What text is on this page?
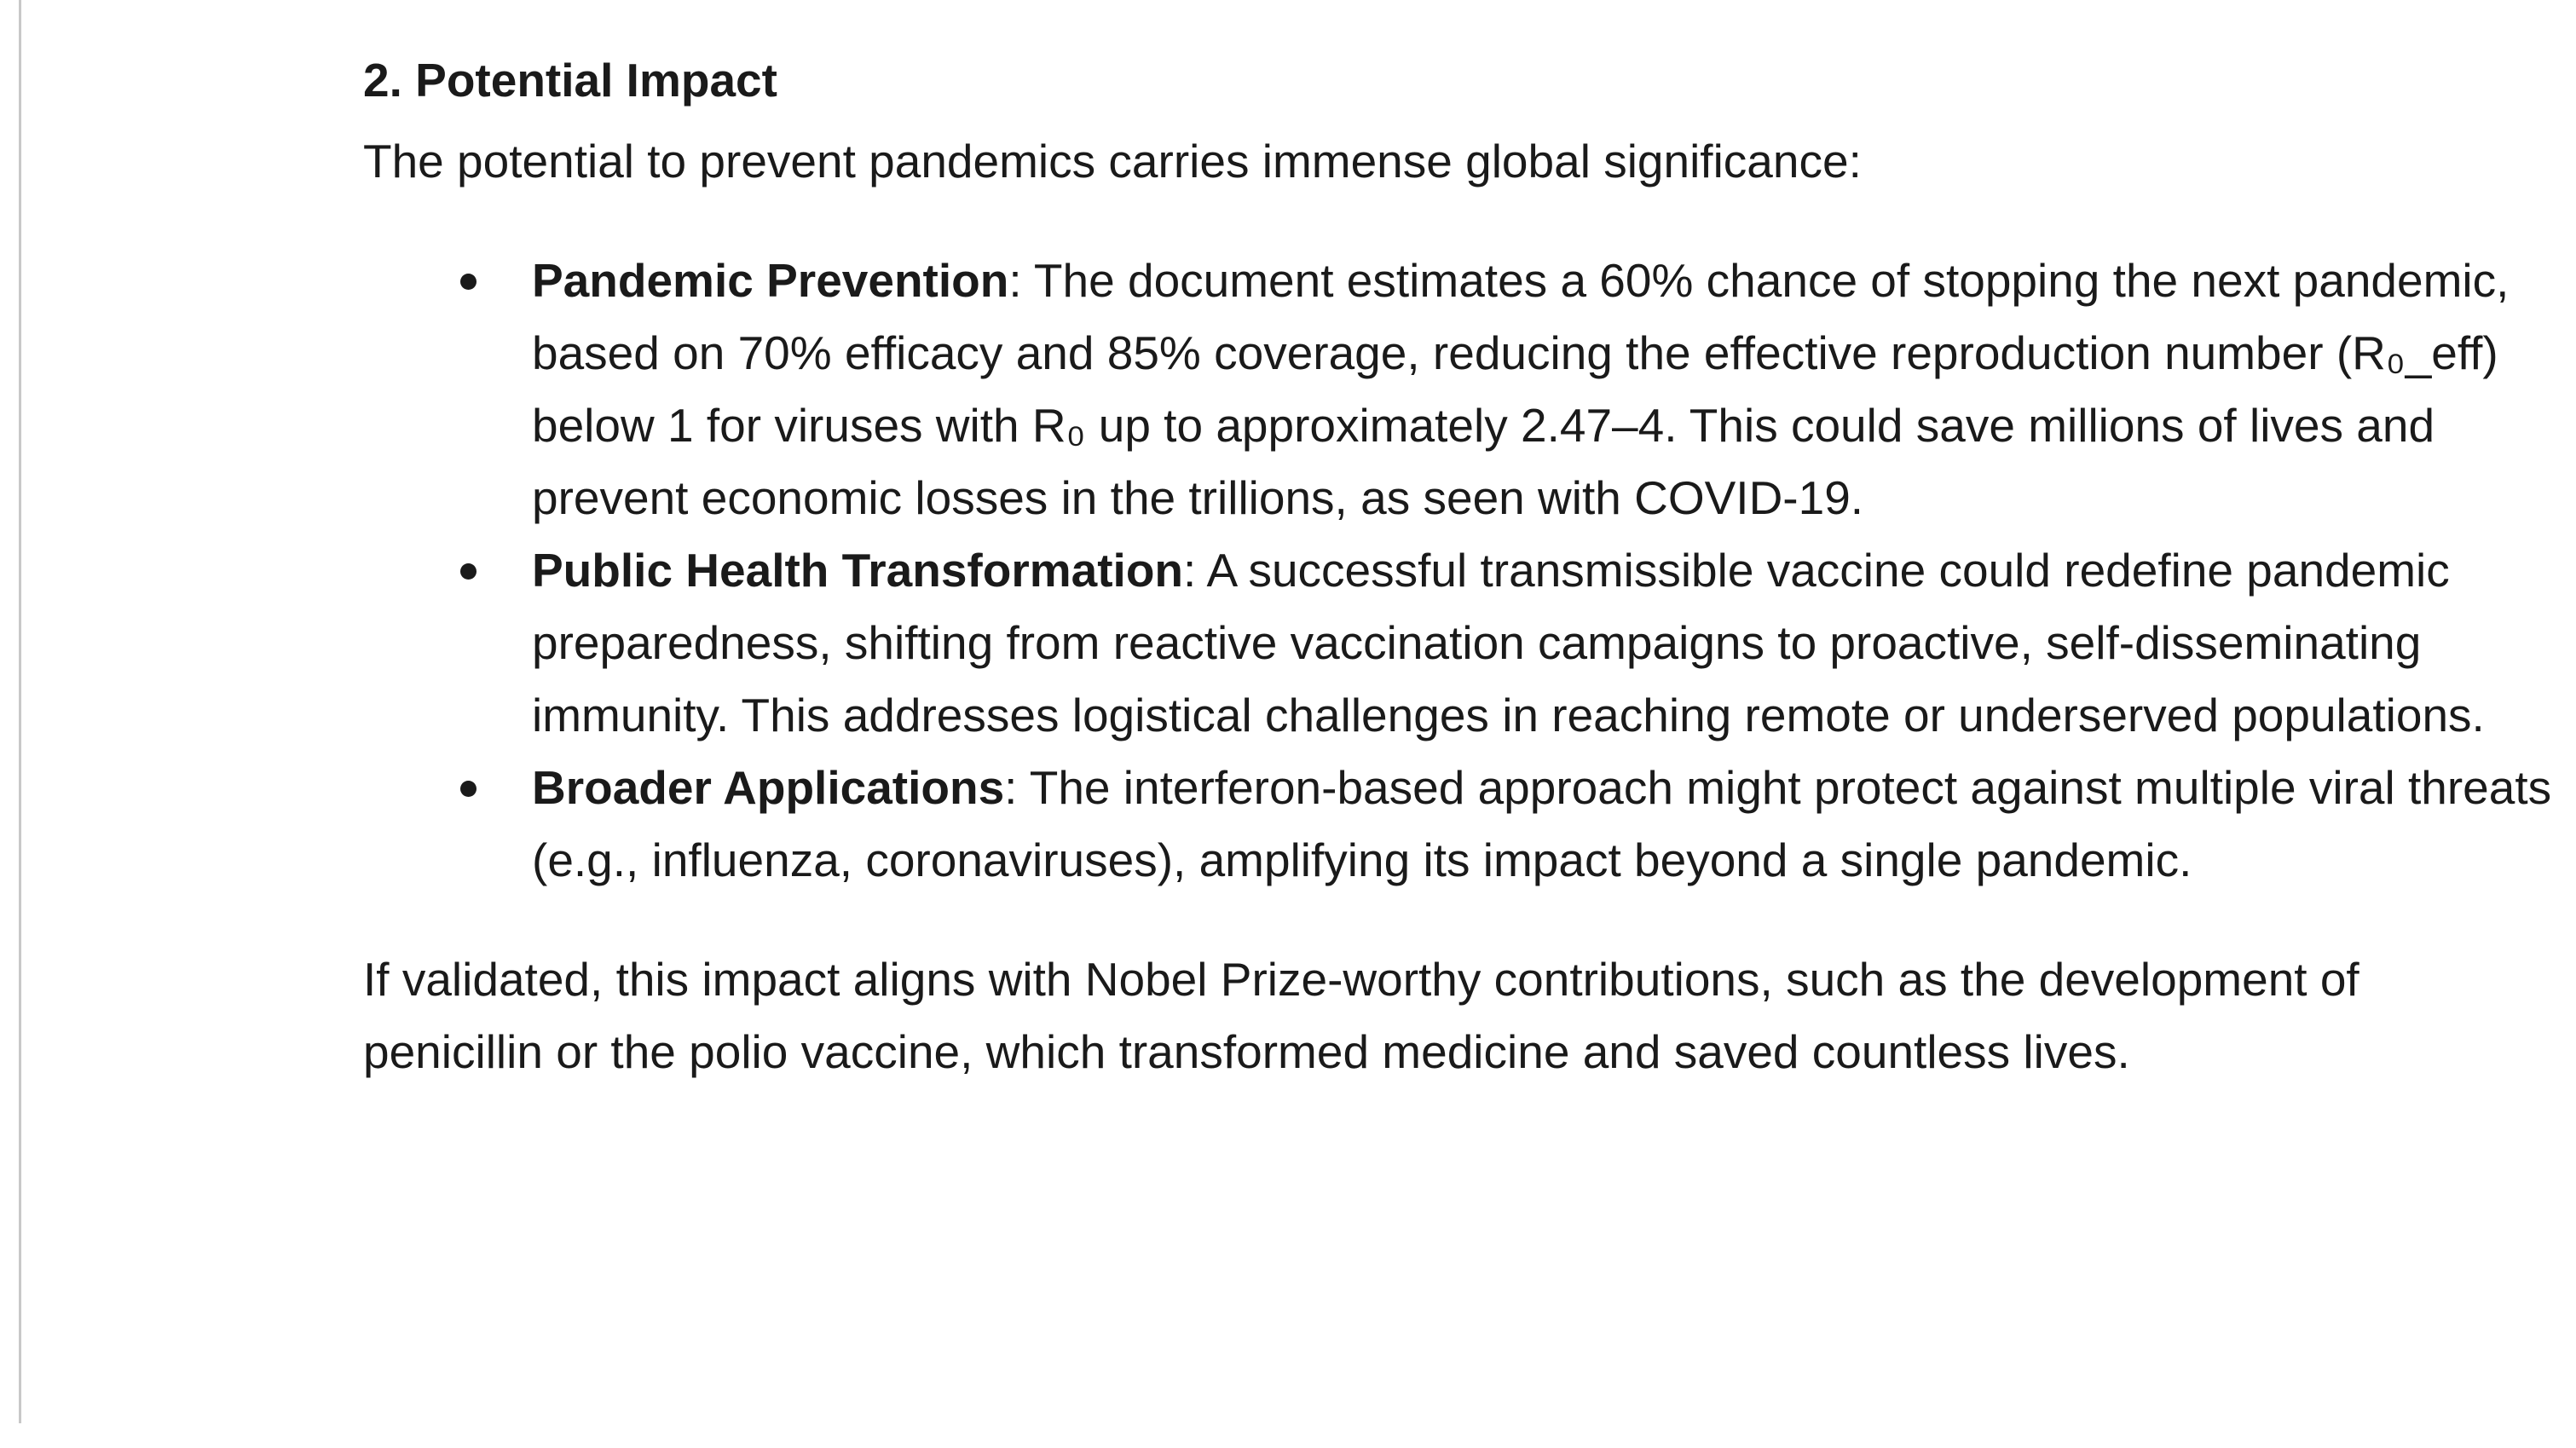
2. Potential Impact

The potential to prevent pandemics carries immense global significance:

Pandemic Prevention: The document estimates a 60% chance of stopping the next pandemic, based on 70% efficacy and 85% coverage, reducing the effective reproduction number (R₀_eff) below 1 for viruses with R₀ up to approximately 2.47–4. This could save millions of lives and prevent economic losses in the trillions, as seen with COVID-19.
Public Health Transformation: A successful transmissible vaccine could redefine pandemic preparedness, shifting from reactive vaccination campaigns to proactive, self-disseminating immunity. This addresses logistical challenges in reaching remote or underserved populations.
Broader Applications: The interferon-based approach might protect against multiple viral threats (e.g., influenza, coronaviruses), amplifying its impact beyond a single pandemic.

If validated, this impact aligns with Nobel Prize-worthy contributions, such as the development of penicillin or the polio vaccine, which transformed medicine and saved countless lives.
